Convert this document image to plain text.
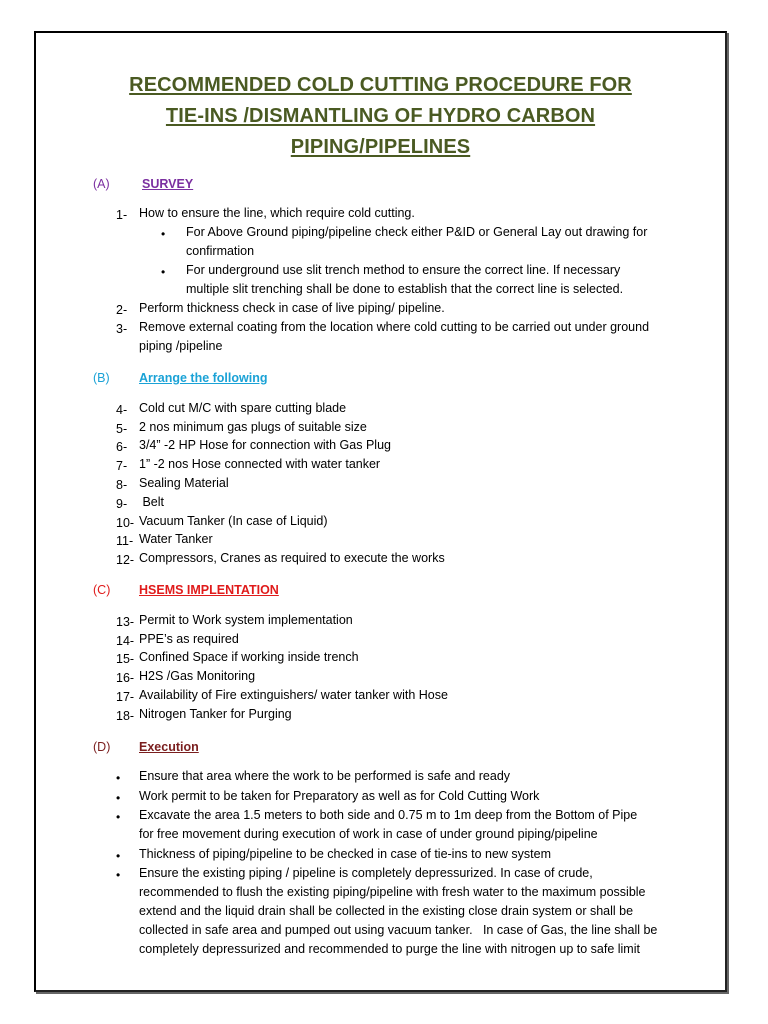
RECOMMENDED COLD CUTTING PROCEDURE FOR
TIE-INS /DISMANTLING OF HYDRO CARBON
PIPING/PIPELINES
(A)	SURVEY
1- How to ensure the line, which require cold cutting.
• For Above Ground piping/pipeline check either P&ID or General Lay out drawing for
confirmation
• For underground use slit trench method to ensure the correct line. If necessary
multiple slit trenching shall be done to establish that the correct line is selected.
2- Perform thickness check in case of live piping/ pipeline.
3- Remove external coating from the location where cold cutting to be carried out under ground
piping /pipeline
(B) Arrange the following
4- Cold cut M/C with spare cutting blade
5- 2 nos minimum gas plugs of suitable size
6- 3/4” -2 HP Hose for connection with Gas Plug
7- 1” -2 nos Hose connected with water tanker
8- Sealing Material
9- Belt
10- Vacuum Tanker (In case of Liquid)
11- Water Tanker
12- Compressors, Cranes as required to execute the works
(C) HSEMS IMPLENTATION
13- Permit to Work system implementation
14- PPE’s as required
15- Confined Space if working inside trench
16- H2S /Gas Monitoring
17- Availability of Fire extinguishers/ water tanker with Hose
18- Nitrogen Tanker for Purging
(D) Execution
• Ensure that area where the work to be performed is safe and ready
• Work permit to be taken for Preparatory as well as for Cold Cutting Work
• Excavate the area 1.5 meters to both side and 0.75 m to 1m deep from the Bottom of Pipe
for free movement during execution of work in case of under ground piping/pipeline
• Thickness of piping/pipeline to be checked in case of tie-ins to new system
• Ensure the existing piping / pipeline is completely depressurized. In case of crude,
recommended to flush the existing piping/pipeline with fresh water to the maximum possible
extend and the liquid drain shall be collected in the existing close drain system or shall be
collected in safe area and pumped out using vacuum tanker.   In case of Gas, the line shall be
completely depressurized and recommended to purge the line with nitrogen up to safe limit
